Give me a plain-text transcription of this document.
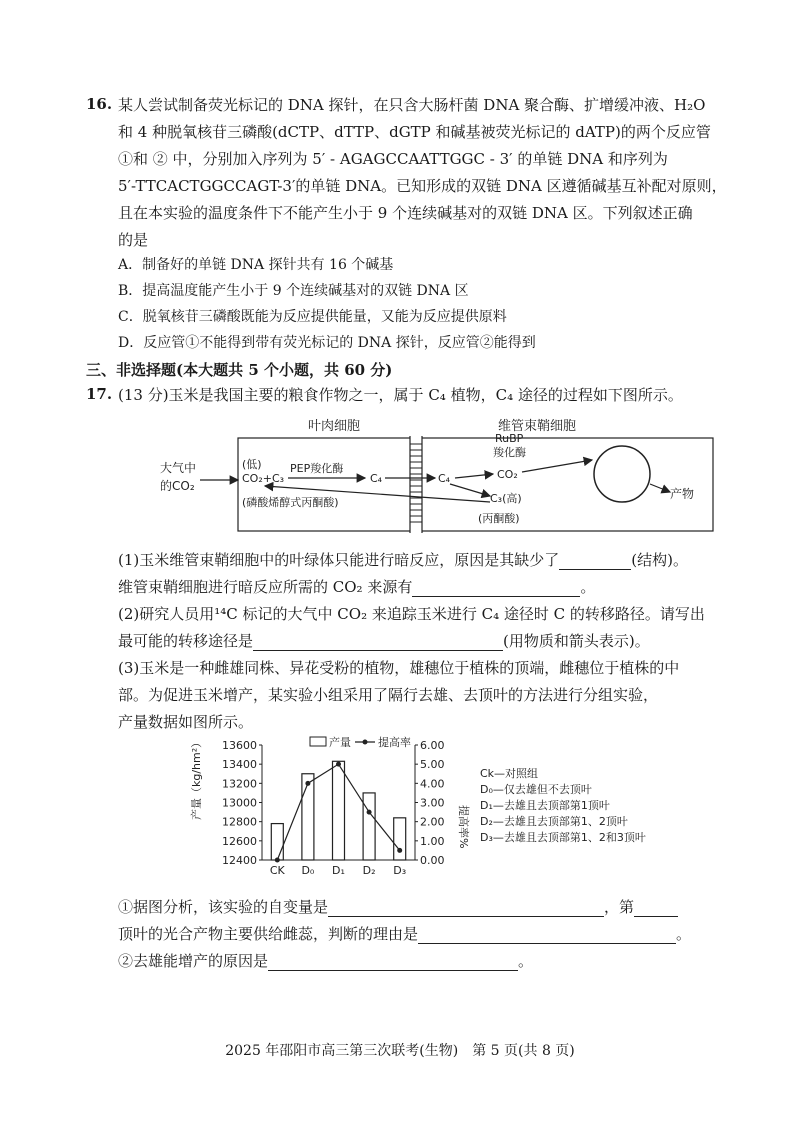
16. 某人尝试制备荧光标记的 DNA 探针，在只含大肠杆菌 DNA 聚合酶、扩增缓冲液、H₂O
和 4 种脱氧核苷三磷酸(dCTP、dTTP、dGTP 和碱基被荧光标记的 dATP)的两个反应管
①和 ② 中，分别加入序列为 5′ - AGAGCCAATTGGC - 3′ 的单链 DNA 和序列为
5′-TTCACTGGCCAGT-3′的单链 DNA。已知形成的双链 DNA 区遵循碱基互补配对原则，
且在本实验的温度条件下不能产生小于 9 个连续碱基对的双链 DNA 区。下列叙述正确
的是
A．制备好的单链 DNA 探针共有 16 个碱基
B．提高温度能产生小于 9 个连续碱基对的双链 DNA 区
C．脱氧核苷三磷酸既能为反应提供能量，又能为反应提供原料
D．反应管①不能得到带有荧光标记的 DNA 探针，反应管②能得到
三、非选择题(本大题共 5 个小题，共 60 分)
17. (13 分)玉米是我国主要的粮食作物之一，属于 C₄ 植物，C₄ 途径的过程如下图所示。
叶肉细胞	维管束鞘细胞
大气中
的CO₂
(低)
CO₂+C₃
PEP羧化酶
C₄	C₄
RuBP
羧化酶
CO₂
产物
C₃(高)
(磷酸烯醇式丙酮酸)
(丙酮酸)
(1)玉米维管束鞘细胞中的叶绿体只能进行暗反应，原因是其缺少了	(结构)。
维管束鞘细胞进行暗反应所需的 CO₂ 来源有	。
(2)研究人员用¹⁴C 标记的大气中 CO₂ 来追踪玉米进行 C₄ 途径时 C 的转移路径。请写出
最可能的转移途径是	(用物质和箭头表示)。
(3)玉米是一种雌雄同株、异花受粉的植物，雄穗位于植株的顶端，雌穗位于植株的中
部。为促进玉米增产，某实验小组采用了隔行去雄、去顶叶的方法进行分组实验，
产量数据如图所示。
13600
13400
13200
13000
12800
12600
12400
6.00
5.00
4.00
3.00
2.00
1.00
0.00
产量（kg/hm²）
提高率%
CK D₀ D₁ D₂ D₃
产量 提高率
Ck—对照组
D₀—仅去雄但不去顶叶
D₁—去雄且去顶部第1顶叶
D₂—去雄且去顶部第1、2顶叶
D₃—去雄且去顶部第1、2和3顶叶
①据图分析，该实验的自变量是	，第
顶叶的光合产物主要供给雌蕊，判断的理由是	。
②去雄能增产的原因是	。
2025 年邵阳市高三第三次联考(生物)　第 5 页(共 8 页)
